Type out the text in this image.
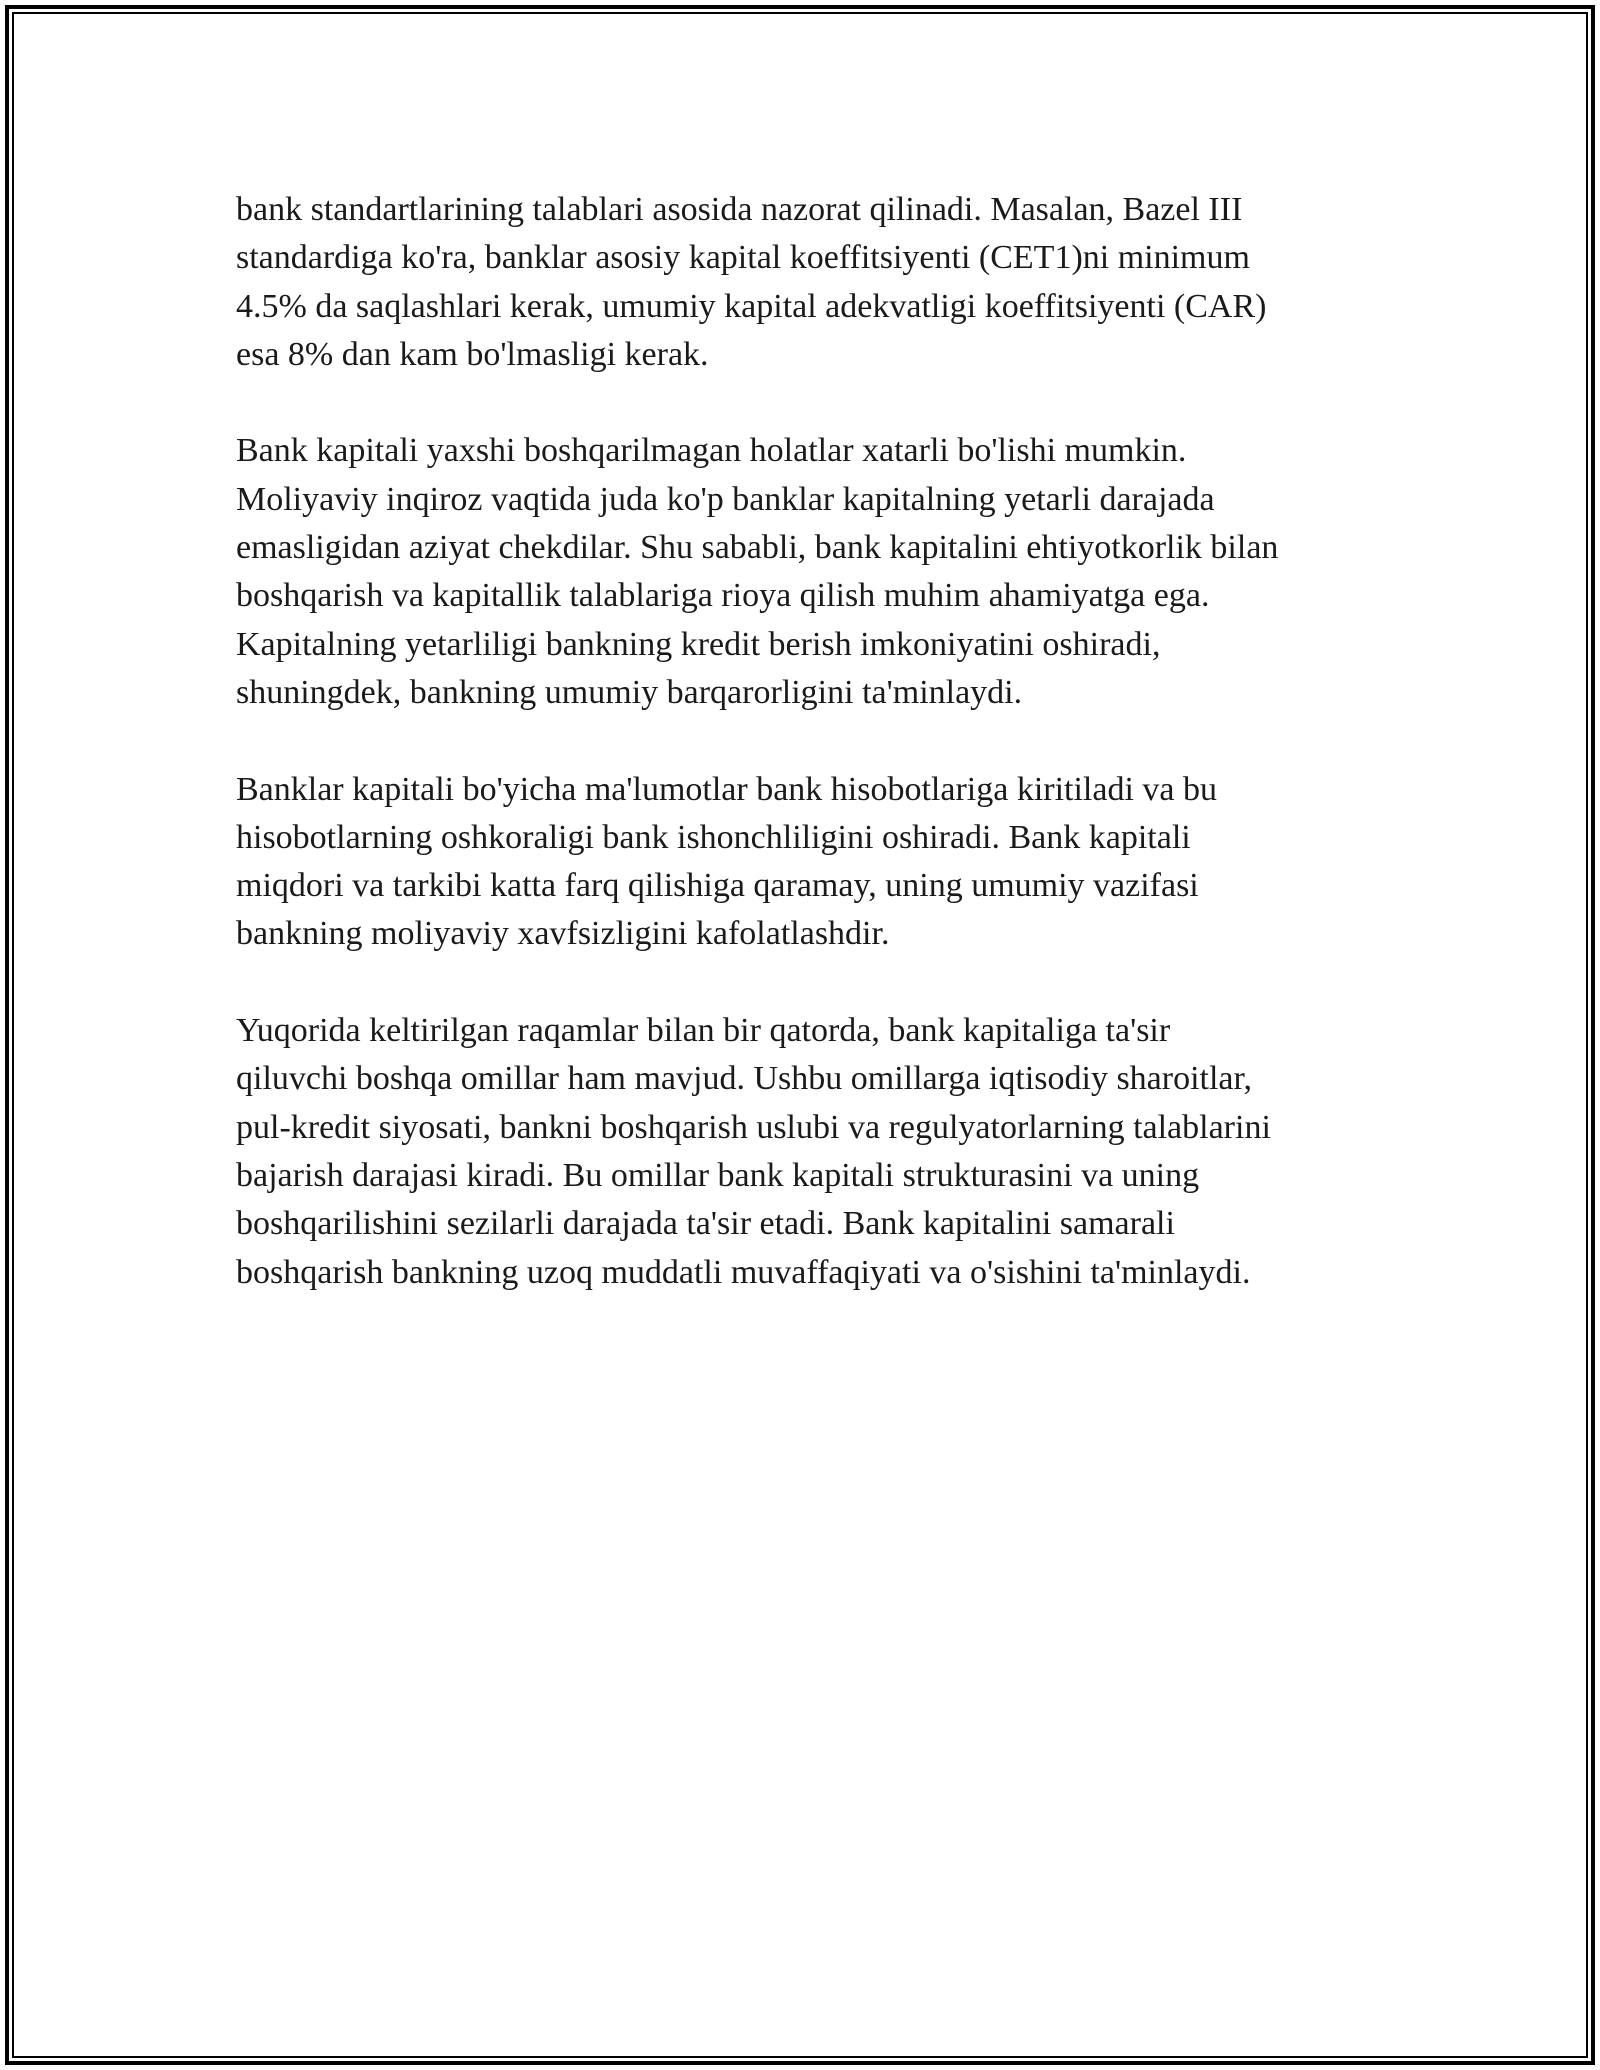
bank standartlarining talablari asosida nazorat qilinadi. Masalan, Bazel III
standardiga ko'ra, banklar asosiy kapital koeffitsiyenti (CET1)ni minimum
4.5% da saqlashlari kerak, umumiy kapital adekvatligi koeffitsiyenti (CAR)
esa 8% dan kam bo'lmasligi kerak.

Bank kapitali yaxshi boshqarilmagan holatlar xatarli bo'lishi mumkin.
Moliyaviy inqiroz vaqtida juda ko'p banklar kapitalning yetarli darajada
emasligidan aziyat chekdilar. Shu sababli, bank kapitalini ehtiyotkorlik bilan
boshqarish va kapitallik talablariga rioya qilish muhim ahamiyatga ega.
Kapitalning yetarliligi bankning kredit berish imkoniyatini oshiradi,
shuningdek, bankning umumiy barqarorligini ta'minlaydi.

Banklar kapitali bo'yicha ma'lumotlar bank hisobotlariga kiritiladi va bu
hisobotlarning oshkoraligi bank ishonchliligini oshiradi. Bank kapitali
miqdori va tarkibi katta farq qilishiga qaramay, uning umumiy vazifasi
bankning moliyaviy xavfsizligini kafolatlashdir.

Yuqorida keltirilgan raqamlar bilan bir qatorda, bank kapitaliga ta'sir
qiluvchi boshqa omillar ham mavjud. Ushbu omillarga iqtisodiy sharoitlar,
pul-kredit siyosati, bankni boshqarish uslubi va regulyatorlarning talablarini
bajarish darajasi kiradi. Bu omillar bank kapitali strukturasini va uning
boshqarilishini sezilarli darajada ta'sir etadi. Bank kapitalini samarali
boshqarish bankning uzoq muddatli muvaffaqiyati va o'sishini ta'minlaydi.
